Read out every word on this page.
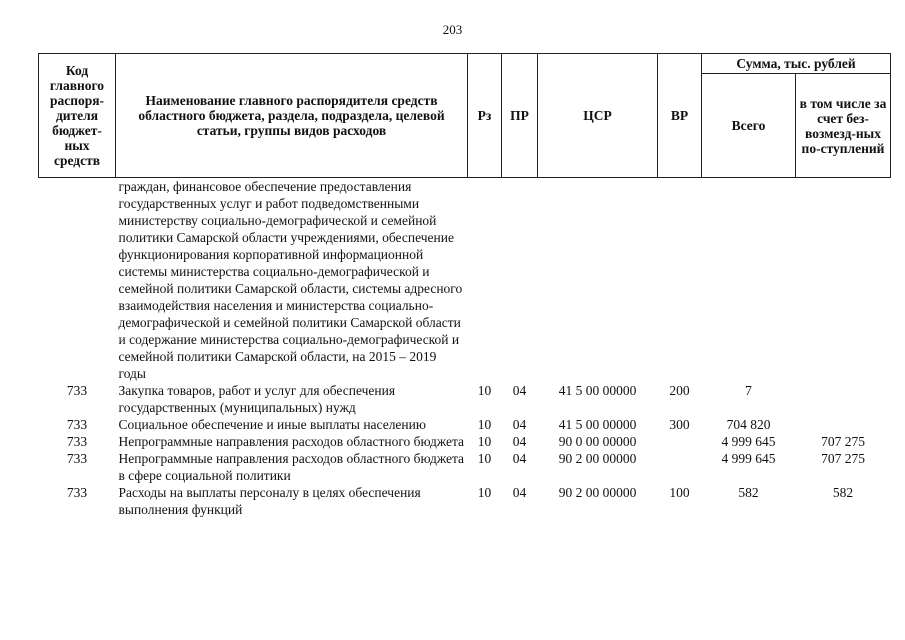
203
Код главного распоря-дителя бюджет-ных средств	Наименование главного распорядителя средств областного бюджета, раздела, подраздела, целевой статьи, группы видов расходов	Рз	ПР	ЦСР	ВР	Сумма, тыс. рублей	
						Всего	в том числе за счет без-возмезд-ных по-ступлений
	граждан, финансовое обеспечение предоставления государственных услуг и работ подведомственными министерству социально-демографической и семейной политики Самарской области учреждениями, обеспечение функционирования корпоративной информационной системы министерства социально-демографической и семейной политики Самарской области, системы адресного взаимодействия населения и министерства социально-демографической и семейной политики Самарской области и содержание министерства социально-демографической и семейной политики Самарской области, на 2015 – 2019 годы						
733	Закупка товаров, работ и услуг для обеспечения государственных (муниципальных) нужд	10	04	41 5 00 00000	200	7	
733	Социальное обеспечение и иные выплаты населению	10	04	41 5 00 00000	300	704 820	
733	Непрограммные направления расходов областного бюджета	10	04	90 0 00 00000		4 999 645	707 275
733	Непрограммные направления расходов областного бюджета в сфере социальной политики	10	04	90 2 00 00000		4 999 645	707 275
733	Расходы на выплаты персоналу в целях обеспечения выполнения функций	10	04	90 2 00 00000	100	582	582
